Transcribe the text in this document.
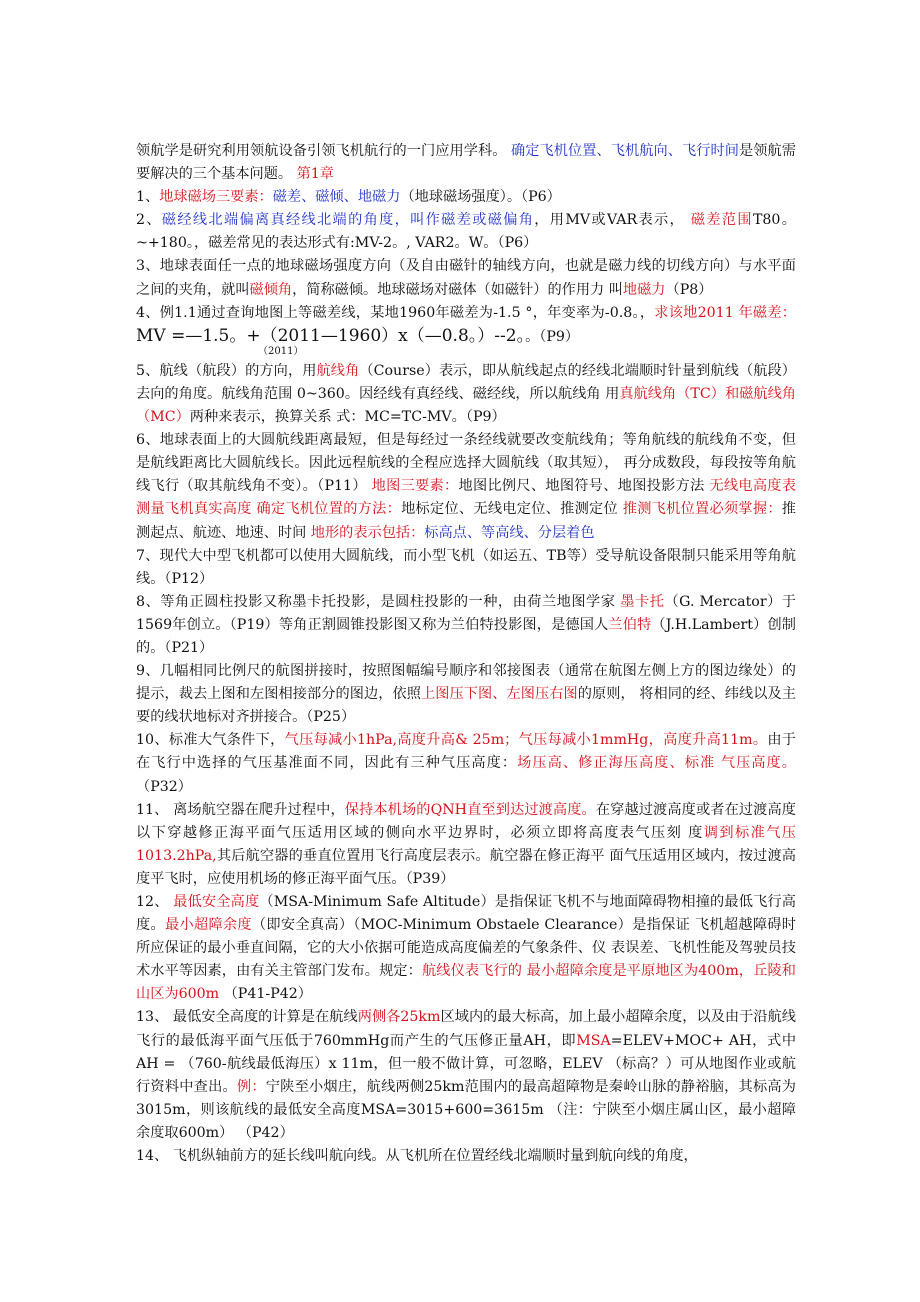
领航学是研究利用领航设备引领飞机航行的一门应用学科。 确定飞机位置、飞机航向、飞行时间是领航需要解决的三个基本问题。 第1章

1、地球磁场三要素：磁差、磁倾、地磁力（地球磁场强度）。（P6）

2、磁经线北端偏离真经线北端的角度，叫作磁差或磁偏角，用MV或VAR表示， 磁差范围T80。~+180。，磁差常见的表达形式有:MV-2。, VAR2。W。（P6）

3、地球表面任一点的地球磁场强度方向（及自由磁针的轴线方向，也就是磁力线的切线方向）与水平面之间的夹角，就叫磁倾角，简称磁倾。地球磁场对磁体（如磁针）的作用力 叫地磁力（P8）

4、例1.1通过查询地图上等磁差线，某地1960年磁差为-1.5 °，年变率为-0.8。，求该地2011 年磁差：MV =—1.5。+（2011—1960）x（—0.8。）--2。。（P9）

（2011）

5、航线（航段）的方向，用航线角（Course）表示，即从航线起点的经线北端顺时针量到航线（航段）去向的角度。航线角范围 0~360。因经线有真经线、磁经线，所以航线角 用真航线角（TC）和磁航线角（MC）两种来表示，换算关系 式：MC=TC-MV。（P9）

6、地球表面上的大圆航线距离最短，但是每经过一条经线就要改变航线角；等角航线的航线角不变，但是航线距离比大圆航线长。因此远程航线的全程应选择大圆航线（取其短）， 再分成数段，每段按等角航线飞行（取其航线角不变）。（P11） 地图三要素：地图比例尺、地图符号、地图投影方法 无线电高度表测量飞机真实高度 确定飞机位置的方法：地标定位、无线电定位、推测定位 推测飞机位置必须掌握：推测起点、航迹、地速、时间 地形的表示包括：标高点、等高线、分层着色

7、现代大中型飞机都可以使用大圆航线，而小型飞机（如运五、TB等）受导航设备限制只能采用等角航线。（P12）

8、等角正圆柱投影又称墨卡托投影，是圆柱投影的一种，由荷兰地图学家 墨卡托（G. Mercator）于1569年创立。（P19）等角正割圆锥投影图又称为兰伯特投影图，是德国人兰伯特（J.H.Lambert）创制的。（P21）

9、几幅相同比例尺的航图拼接时，按照图幅编号顺序和邻接图表（通常在航图左侧上方的图边缘处）的提示，裁去上图和左图相接部分的图边，依照上图压下图、左图压右图的原则， 将相同的经、纬线以及主要的线状地标对齐拼接合。（P25）

10、标准大气条件下，气压每减小1hPa,高度升高& 25m；气压每减小1mmHg，高度升高11m。由于在飞行中选择的气压基准面不同，因此有三种气压高度：场压高、修正海压高度、标准 气压高度。（P32）

11、 离场航空器在爬升过程中，保持本机场的QNH直至到达过渡高度。在穿越过渡高度或者在过渡高度以下穿越修正海平面气压适用区域的侧向水平边界时，必须立即将高度表气压刻 度调到标准气压1013.2hPa,其后航空器的垂直位置用飞行高度层表示。航空器在修正海平 面气压适用区域内，按过渡高度平飞时，应使用机场的修正海平面气压。（P39）

12、 最低安全高度（MSA-Minimum Safe Altitude）是指保证飞机不与地面障碍物相撞的最低飞行高度。最小超障余度（即安全真高）（MOC-Minimum Obstaele Clearance）是指保证 飞机超越障碍时所应保证的最小垂直间隔，它的大小依据可能造成高度偏差的气象条件、仪 表误差、飞机性能及驾驶员技术水平等因素，由有关主管部门发布。规定：航线仪表飞行的 最小超障余度是平原地区为400m，丘陵和山区为600m （P41-P42）

13、 最低安全高度的计算是在航线两侧各25km区域内的最大标高，加上最小超障余度，以及由于沿航线飞行的最低海平面气压低于760mmHg而产生的气压修正量AH，即MSA=ELEV+MOC+ AH，式中AH = （760-航线最低海压）x 11m，但一般不做计算，可忽略，ELEV （标高？）可从地图作业或航行资料中查出。例：宁陕至小烟庄，航线两侧25km范围内的最高超障物是秦岭山脉的静裕脑，其标高为 3015m，则该航线的最低安全高度MSA=3015+600=3615m （注：宁陕至小烟庄属山区，最小超障余度取600m） （P42）

14、 飞机纵轴前方的延长线叫航向线。从飞机所在位置经线北端顺时量到航向线的角度，
